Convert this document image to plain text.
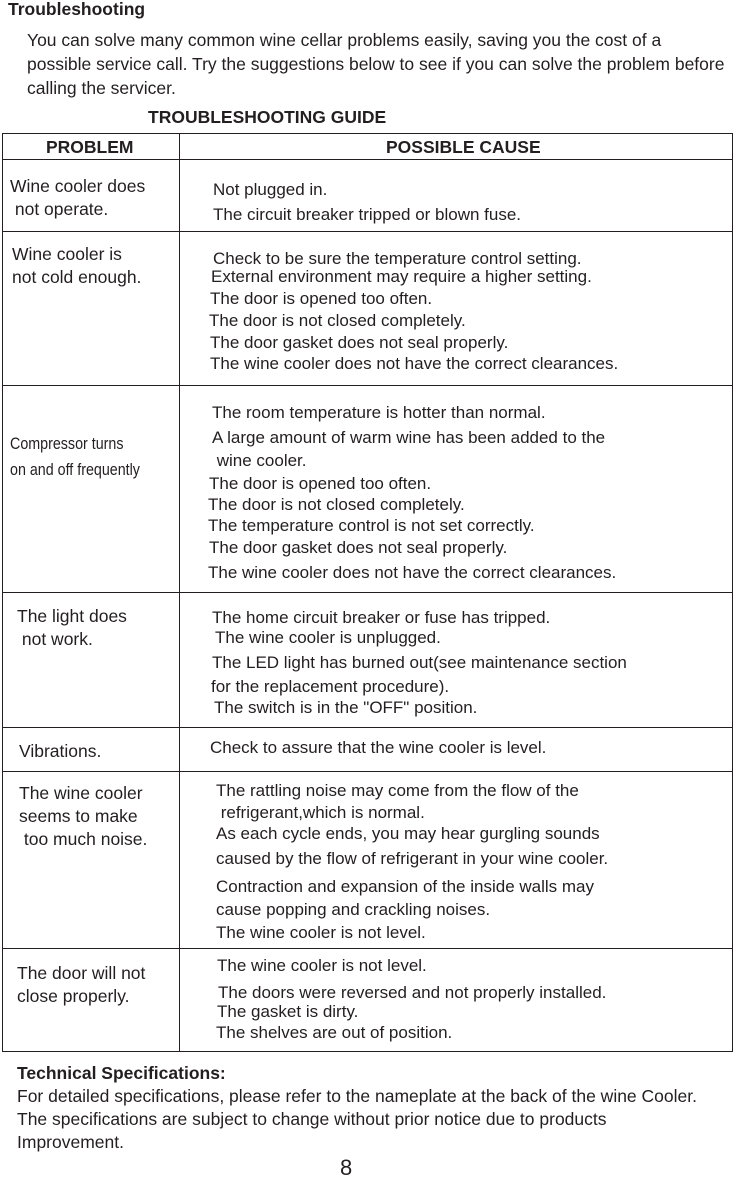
Troubleshooting
You can solve many common wine cellar problems easily, saving you the cost of a possible service call. Try the suggestions below to see if you can solve the problem before calling the servicer.
TROUBLESHOOTING GUIDE
PROBLEM	POSSIBLE CAUSE
Wine cooler does
not operate.
Not plugged in.
The circuit breaker tripped or blown fuse.
Wine cooler is
not cold enough.
Check to be sure the temperature control setting.
External environment may require a higher setting.
The door is opened too often.
The door is not closed completely.
The door gasket does not seal properly.
The wine cooler does not have the correct clearances.
Compressor turns
on and off frequently
The room temperature is hotter than normal.
A large amount of warm wine has been added to the
wine cooler.
The door is opened too often.
The door is not closed completely.
The temperature control is not set correctly.
The door gasket does not seal properly.
The wine cooler does not have the correct clearances.
The light does
not work.
The home circuit breaker or fuse has tripped.
The wine cooler is unplugged.
The LED light has burned out(see maintenance section
for the replacement procedure).
The switch is in the "OFF" position.
Vibrations.	Check to assure that the wine cooler is level.
The wine cooler
seems to make
too much noise.
The rattling noise may come from the flow of the
refrigerant,which is normal.
As each cycle ends, you may hear gurgling sounds
caused by the flow of refrigerant in your wine cooler.
Contraction and expansion of the inside walls may
cause popping and crackling noises.
The wine cooler is not level.
The door will not
close properly.
The wine cooler is not level.
The doors were reversed and not properly installed.
The gasket is dirty.
The shelves are out of position.
Technical Specifications:
For detailed specifications, please refer to the nameplate at the back of the wine Cooler. The specifications are subject to change without prior notice due to products Improvement.
8
